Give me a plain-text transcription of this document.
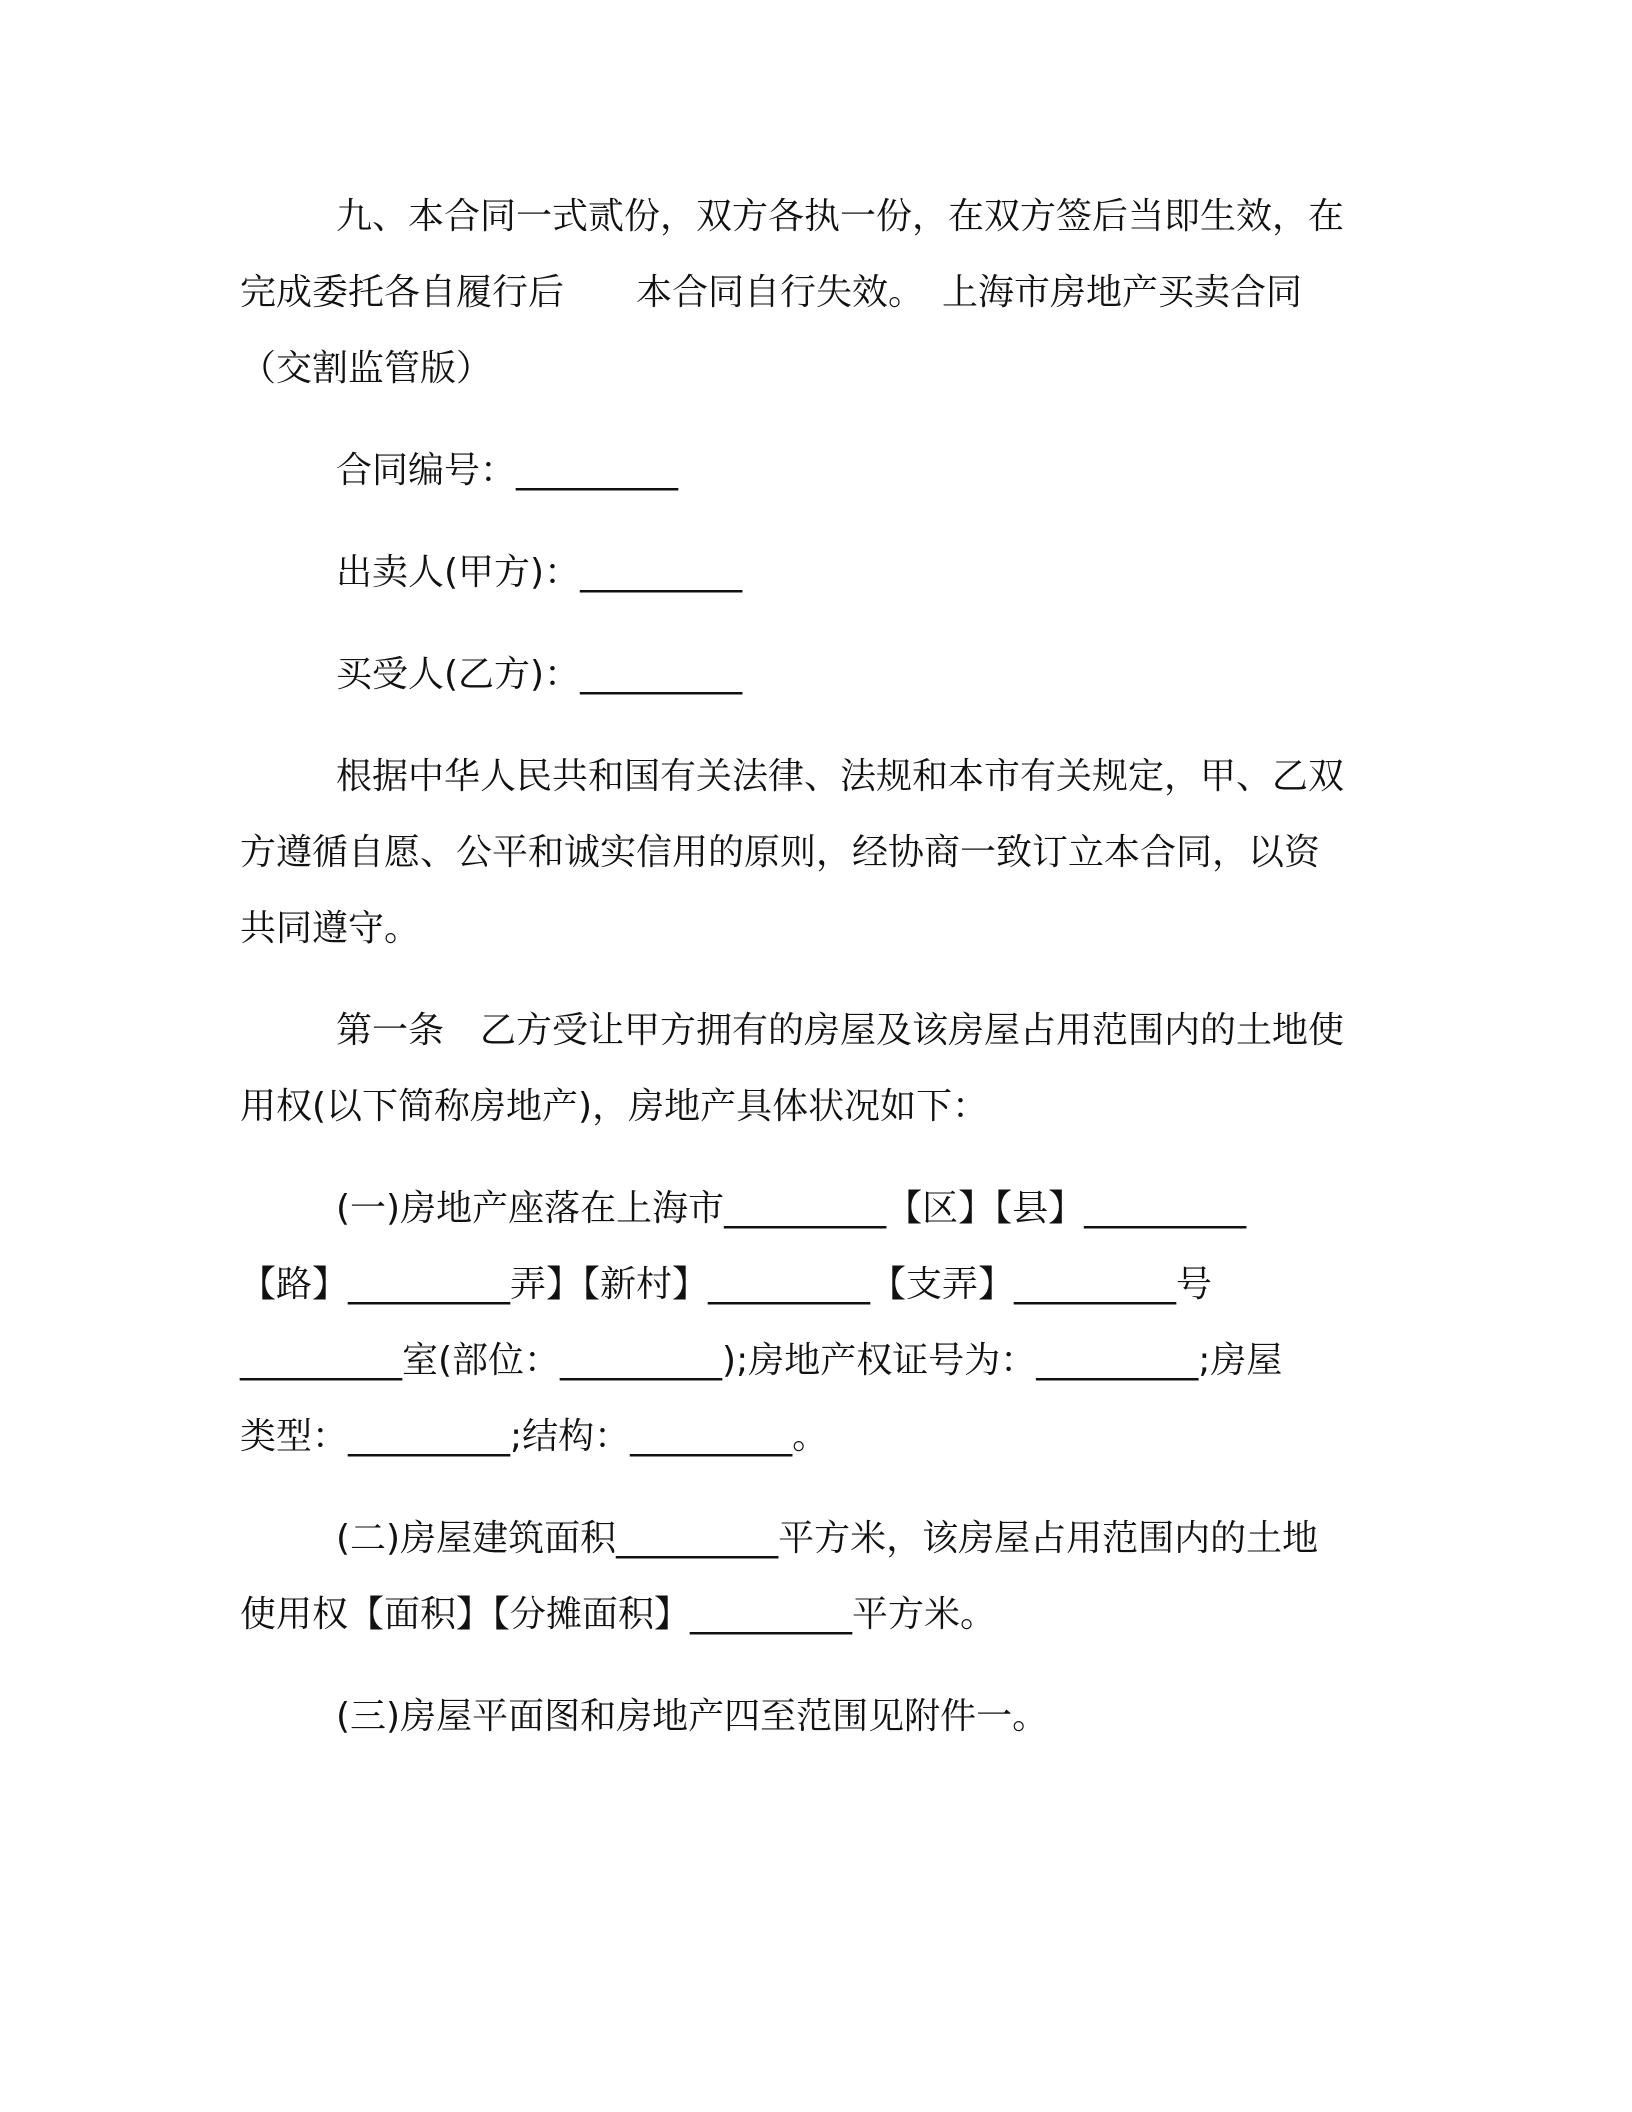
九、本合同一式贰份，双方各执一份，在双方签后当即生效，在

完成委托各自履行后　　本合同自行失效。　上海市房地产买卖合同

（交割监管版）

合同编号：_________

出卖人(甲方)：_________

买受人(乙方)：_________

根据中华人民共和国有关法律、法规和本市有关规定，甲、乙双

方遵循自愿、公平和诚实信用的原则，经协商一致订立本合同，以资

共同遵守。

第一条　乙方受让甲方拥有的房屋及该房屋占用范围内的土地使

用权(以下简称房地产)，房地产具体状况如下：

(一)房地产座落在上海市_________【区】【县】_________

【路】_________弄】【新村】_________【支弄】_________号

_________室(部位：_________);房地产权证号为：_________;房屋

类型：_________;结构：_________。

(二)房屋建筑面积_________平方米，该房屋占用范围内的土地

使用权【面积】【分摊面积】_________平方米。

(三)房屋平面图和房地产四至范围见附件一。
